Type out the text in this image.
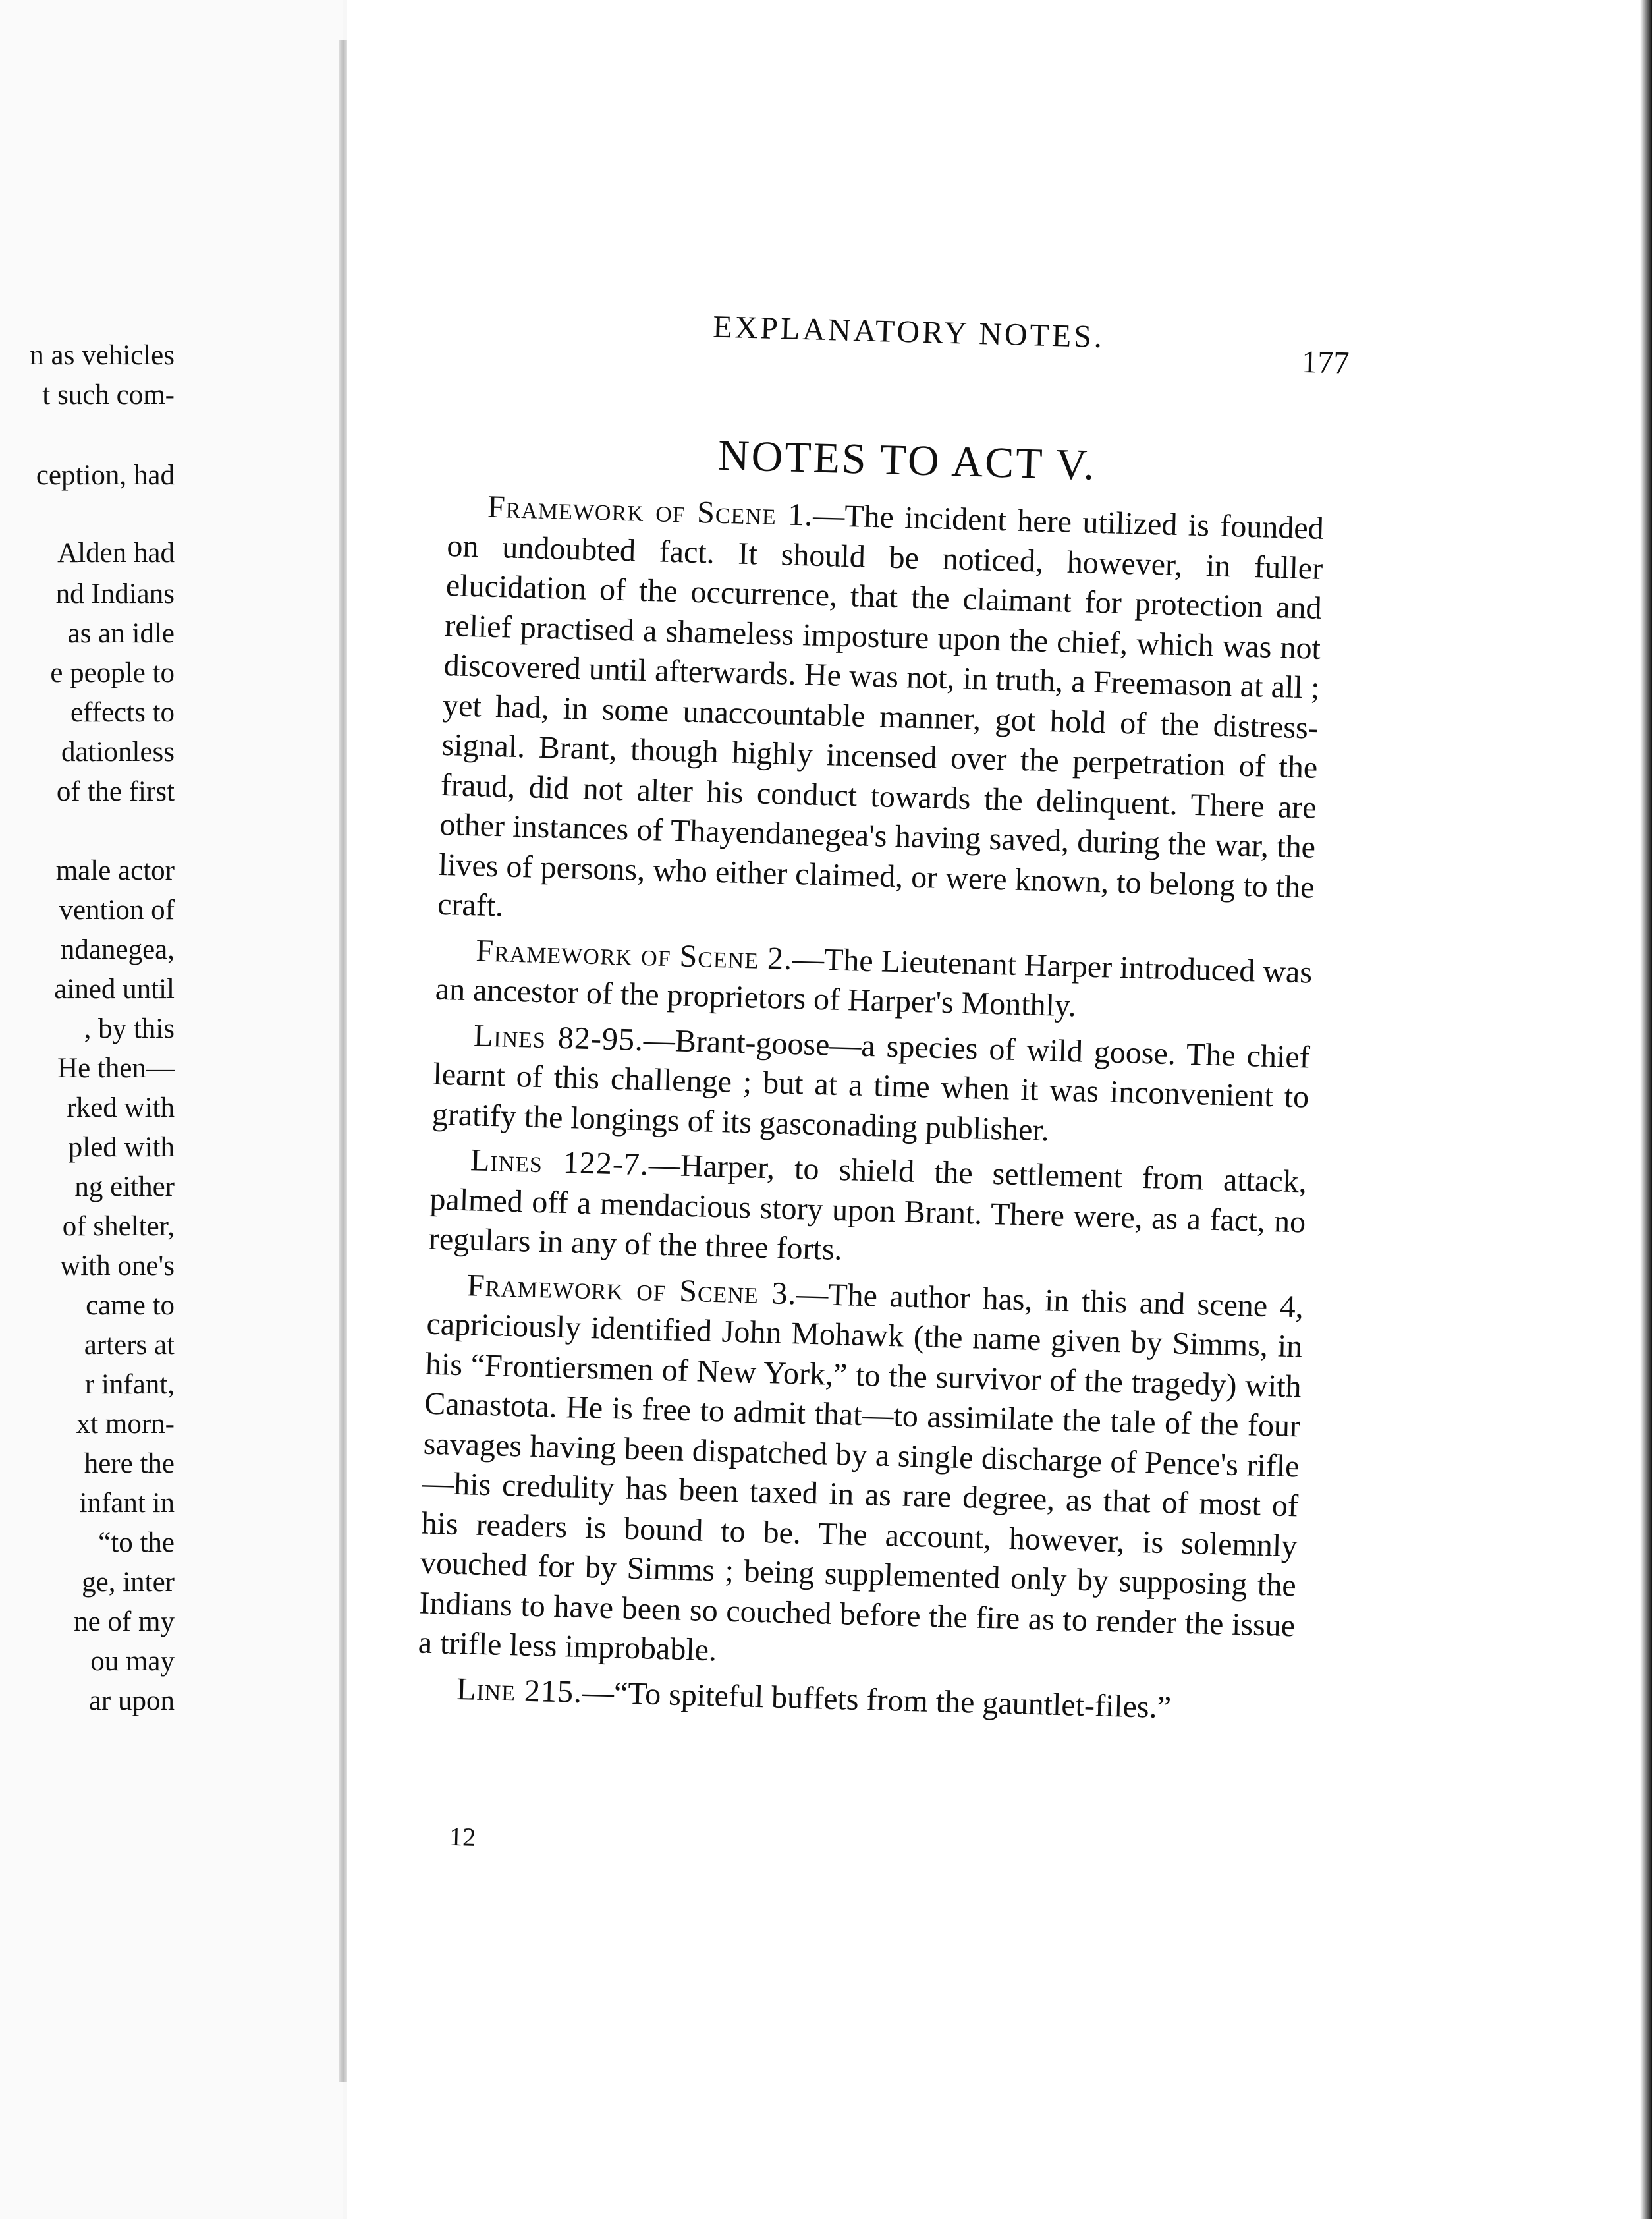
n as vehicles
t such com-
ception, had
Alden had
nd Indians
as an idle
e people to
effects to
dationless
of the first
male actor
vention of
ndanegea,
ained until
, by this
He then—
rked with
pled with
ng either
of shelter,
with one's
came to
arters at
r infant,
xt morn-
here the
infant in
“to the
ge, inter
ne of my
ou may
ar upon
EXPLANATORY NOTES.
177
NOTES TO ACT V.

Framework of Scene 1.—The incident here utilized is founded on undoubted fact. It should be noticed, however, in fuller elucidation of the occurrence, that the claimant for protection and relief practised a shameless imposture upon the chief, which was not discovered until afterwards. He was not, in truth, a Freemason at all ; yet had, in some unaccountable manner, got hold of the distress-signal. Brant, though highly incensed over the perpetration of the fraud, did not alter his conduct towards the delinquent. There are other instances of Thayendanegea's having saved, during the war, the lives of persons, who either claimed, or were known, to belong to the craft.

Framework of Scene 2.—The Lieutenant Harper introduced was an ancestor of the proprietors of Harper's Monthly.

Lines 82-95.—Brant-goose—a species of wild goose. The chief learnt of this challenge ; but at a time when it was inconvenient to gratify the longings of its gasconading publisher.

Lines 122-7.—Harper, to shield the settlement from attack, palmed off a mendacious story upon Brant. There were, as a fact, no regulars in any of the three forts.

Framework of Scene 3.—The author has, in this and scene 4, capriciously identified John Mohawk (the name given by Simms, in his “Frontiersmen of New York,” to the survivor of the tragedy) with Canastota. He is free to admit that—to assimilate the tale of the four savages having been dispatched by a single discharge of Pence's rifle—his credulity has been taxed in as rare degree, as that of most of his readers is bound to be. The account, however, is solemnly vouched for by Simms ; being supplemented only by supposing the Indians to have been so couched before the fire as to render the issue a trifle less improbable.

Line 215.—“To spiteful buffets from the gauntlet-files.”

12
